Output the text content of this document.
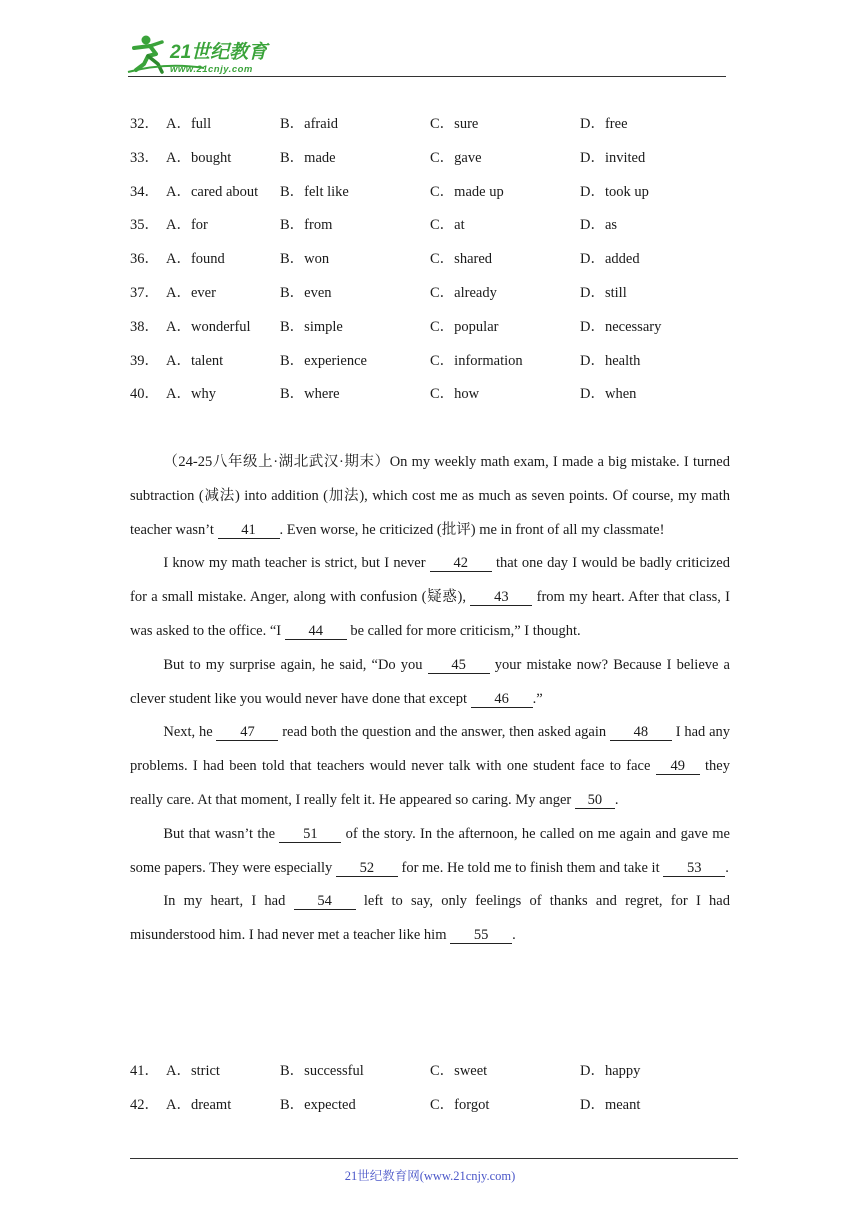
21世纪教育
www.21cnjy.com
32． A．full	B．afraid	C．sure	D．free
33． A．bought	B．made	C．gave	D．invited
34． A．cared about B．felt like	C．made up	D．took up
35． A．for	B．from	C．at	D．as
36． A．found	B．won	C．shared	D．added
37． A．ever	B．even	C．already	D．still
38． A．wonderful B．simple	C．popular	D．necessary
39． A．talent	B．experience	C．information	D．health
40． A．why	B．where	C．how	D．when

（24-25八年级上·湖北武汉·期末）On my weekly math exam, I made a big mistake. I turned subtraction (减法) into addition (加法), which cost me as much as seven points. Of course, my math teacher wasn’t 41 . Even worse, he criticized (批评) me in front of all my classmate!

I know my math teacher is strict, but I never 42 that one day I would be badly criticized for a small mistake. Anger, along with confusion (疑惑), 43 from my heart. After that class, I was asked to the office. “I 44 be called for more criticism,” I thought.

But to my surprise again, he said, “Do you 45 your mistake now? Because I believe a clever student like you would never have done that except 46 .”

Next, he 47 read both the question and the answer, then asked again 48 I had any problems. I had been told that teachers would never talk with one student face to face 49 they really care. At that moment, I really felt it. He appeared so caring. My anger 50 .

But that wasn’t the 51 of the story. In the afternoon, he called on me again and gave me some papers. They were especially 52 for me. He told me to finish them and take it 53 .

In my heart, I had 54 left to say, only feelings of thanks and regret, for I had misunderstood him. I had never met a teacher like him 55 .

41． A．strict	B．successful	C．sweet	D．happy
42． A．dreamt	B．expected	C．forgot	D．meant
21世纪教育网(www.21cnjy.com)
